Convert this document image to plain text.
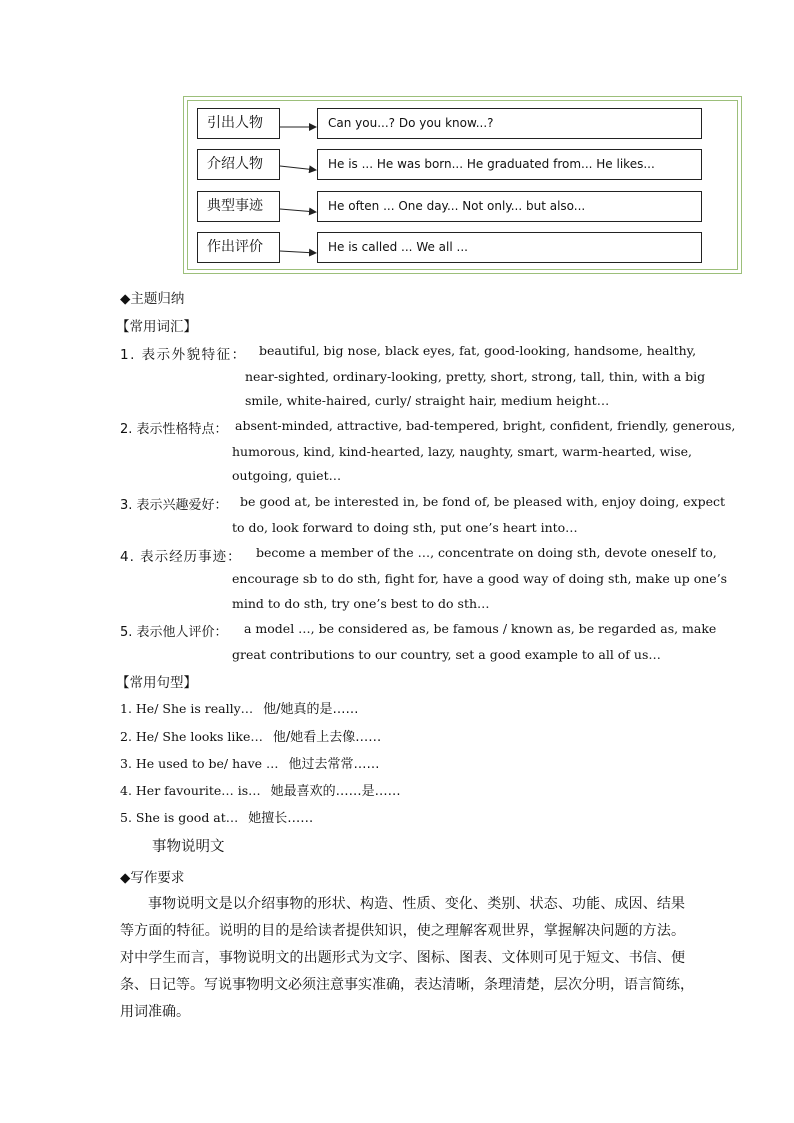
引出人物	Can you...? Do you know...?
介绍人物	He is ... He was born... He graduated from... He likes...
典型事迹	He often ... One day... Not only... but also...
作出评价	He is called ... We all ...
◆主题归纳
【常用词汇】
1. 表示外貌特征： beautiful, big nose, black eyes, fat, good-looking, handsome, healthy,
near-sighted, ordinary-looking, pretty, short, strong, tall, thin, with a big
smile, white-haired, curly/ straight hair, medium height…
2. 表示性格特点： absent-minded, attractive, bad-tempered, bright, confident, friendly, generous,
humorous, kind, kind-hearted, lazy, naughty, smart, warm-hearted, wise,
outgoing, quiet…
3. 表示兴趣爱好： be good at, be interested in, be fond of, be pleased with, enjoy doing, expect
to do, look forward to doing sth, put one’s heart into…
4. 表示经历事迹： become a member of the …, concentrate on doing sth, devote oneself to,
encourage sb to do sth, fight for, have a good way of doing sth, make up one’s
mind to do sth, try one’s best to do sth…
5. 表示他人评价： a model …, be considered as, be famous / known as, be regarded as, make
great contributions to our country, set a good example to all of us…
【常用句型】
1. He/ She is really… 他/她真的是……
2. He/ She looks like… 他/她看上去像……
3. He used to be/ have … 他过去常常……
4. Her favourite… is… 她最喜欢的……是……
5. She is good at… 她擅长……
事物说明文
◆写作要求
事物说明文是以介绍事物的形状、构造、性质、变化、类别、状态、功能、成因、结果
等方面的特征。说明的目的是给读者提供知识，使之理解客观世界，掌握解决问题的方法。
对中学生而言，事物说明文的出题形式为文字、图标、图表、文体则可见于短文、书信、便
条、日记等。写说事物明文必须注意事实准确，表达清晰，条理清楚，层次分明，语言简练，
用词准确。
